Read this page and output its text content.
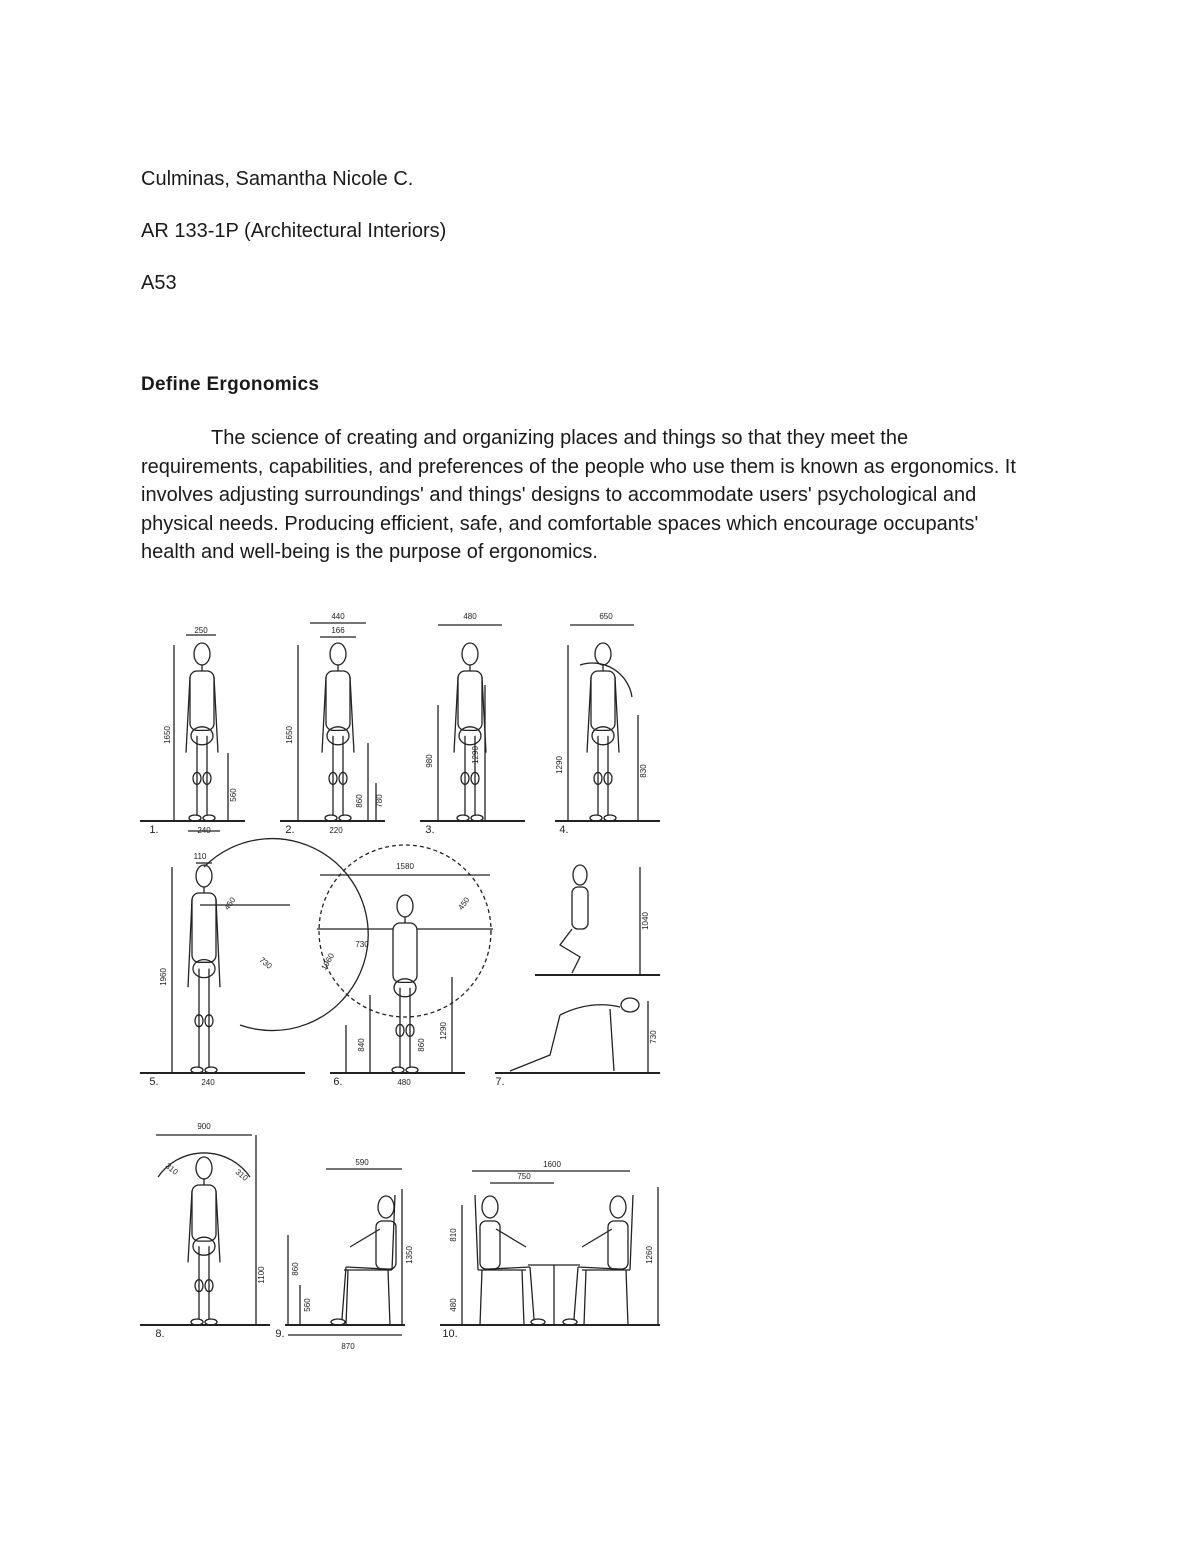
Culminas, Samantha Nicole C.
AR 133-1P (Architectural Interiors)
A53
Define Ergonomics
The science of creating and organizing places and things so that they meet the requirements, capabilities, and preferences of the people who use them is known as ergonomics. It involves adjusting surroundings' and things' designs to accommodate users' psychological and physical needs. Producing efficient, safe, and comfortable spaces which encourage occupants' health and well-being is the purpose of ergonomics.
250
1650
560
240
1.
440
166
1650
860 780
220
2.
480
980	1290
3.
650
1290	830
4.
110
450
730
1960
240
5.
1580
450
730
1960
840	860
1290
480
6.
1040
730
7.
900
310	310
1100
8.
590
860
560
1350
870
9.
1600
750
810
480
1260
10.
